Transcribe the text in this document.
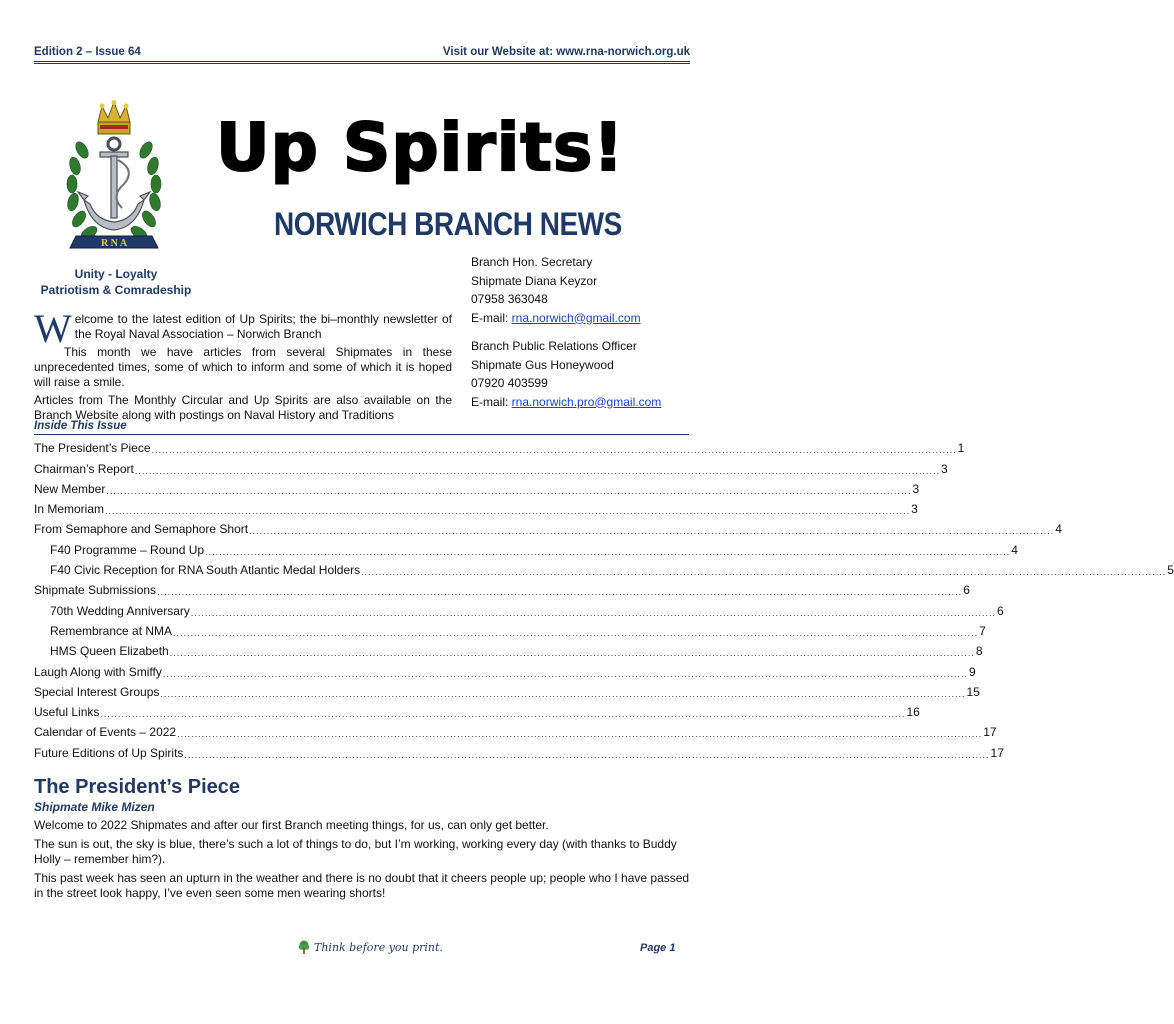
Edition 2 – Issue 64	Visit our Website at: www.rna-norwich.org.uk
R N A
Unity - Loyalty
Patriotism & Comradeship
Up Spirits!
NORWICH BRANCH NEWS
Branch Hon. Secretary
Shipmate Diana Keyzor
07958 363048
E-mail: rna.norwich@gmail.com
Branch Public Relations Officer
Shipmate Gus Honeywood
07920 403599
E-mail: rna.norwich.pro@gmail.com

Welcome to the latest edition of Up Spirits; the bi–monthly newsletter of the Royal Naval Association – Norwich Branch

This month we have articles from several Shipmates in these unprecedented times, some of which to inform and some of which it is hoped will raise a smile.

Articles from The Monthly Circular and Up Spirits are also available on the Branch Website along with postings on Naval History and Traditions

Inside This Issue
The President’s Piece ...................................................................................................................................................................................................................................... 1
Chairman’s Report ...................................................................................................................................................................................................................................... 3
New Member ...................................................................................................................................................................................................................................... 3
In Memoriam ...................................................................................................................................................................................................................................... 3
From Semaphore and Semaphore Short ...................................................................................................................................................................................................................................... 4
F40 Programme – Round Up ...................................................................................................................................................................................................................................... 4
F40 Civic Reception for RNA South Atlantic Medal Holders ...................................................................................................................................................................................................................................... 5
Shipmate Submissions ...................................................................................................................................................................................................................................... 6
70th Wedding Anniversary ...................................................................................................................................................................................................................................... 6
Remembrance at NMA ...................................................................................................................................................................................................................................... 7
HMS Queen Elizabeth ...................................................................................................................................................................................................................................... 8
Laugh Along with Smiffy ...................................................................................................................................................................................................................................... 9
Special Interest Groups ...................................................................................................................................................................................................................................... 15
Useful Links ...................................................................................................................................................................................................................................... 16
Calendar of Events – 2022 ...................................................................................................................................................................................................................................... 17
Future Editions of Up Spirits ...................................................................................................................................................................................................................................... 17
The President’s Piece
Shipmate Mike Mizen

Welcome to 2022 Shipmates and after our first Branch meeting things, for us, can only get better.

The sun is out, the sky is blue, there’s such a lot of things to do, but I’m working, working every day (with thanks to Buddy Holly – remember him?).

This past week has seen an upturn in the weather and there is no doubt that it cheers people up; people who I have passed in the street look happy, I’ve even seen some men wearing shorts!

Think before you print.	Page 1
